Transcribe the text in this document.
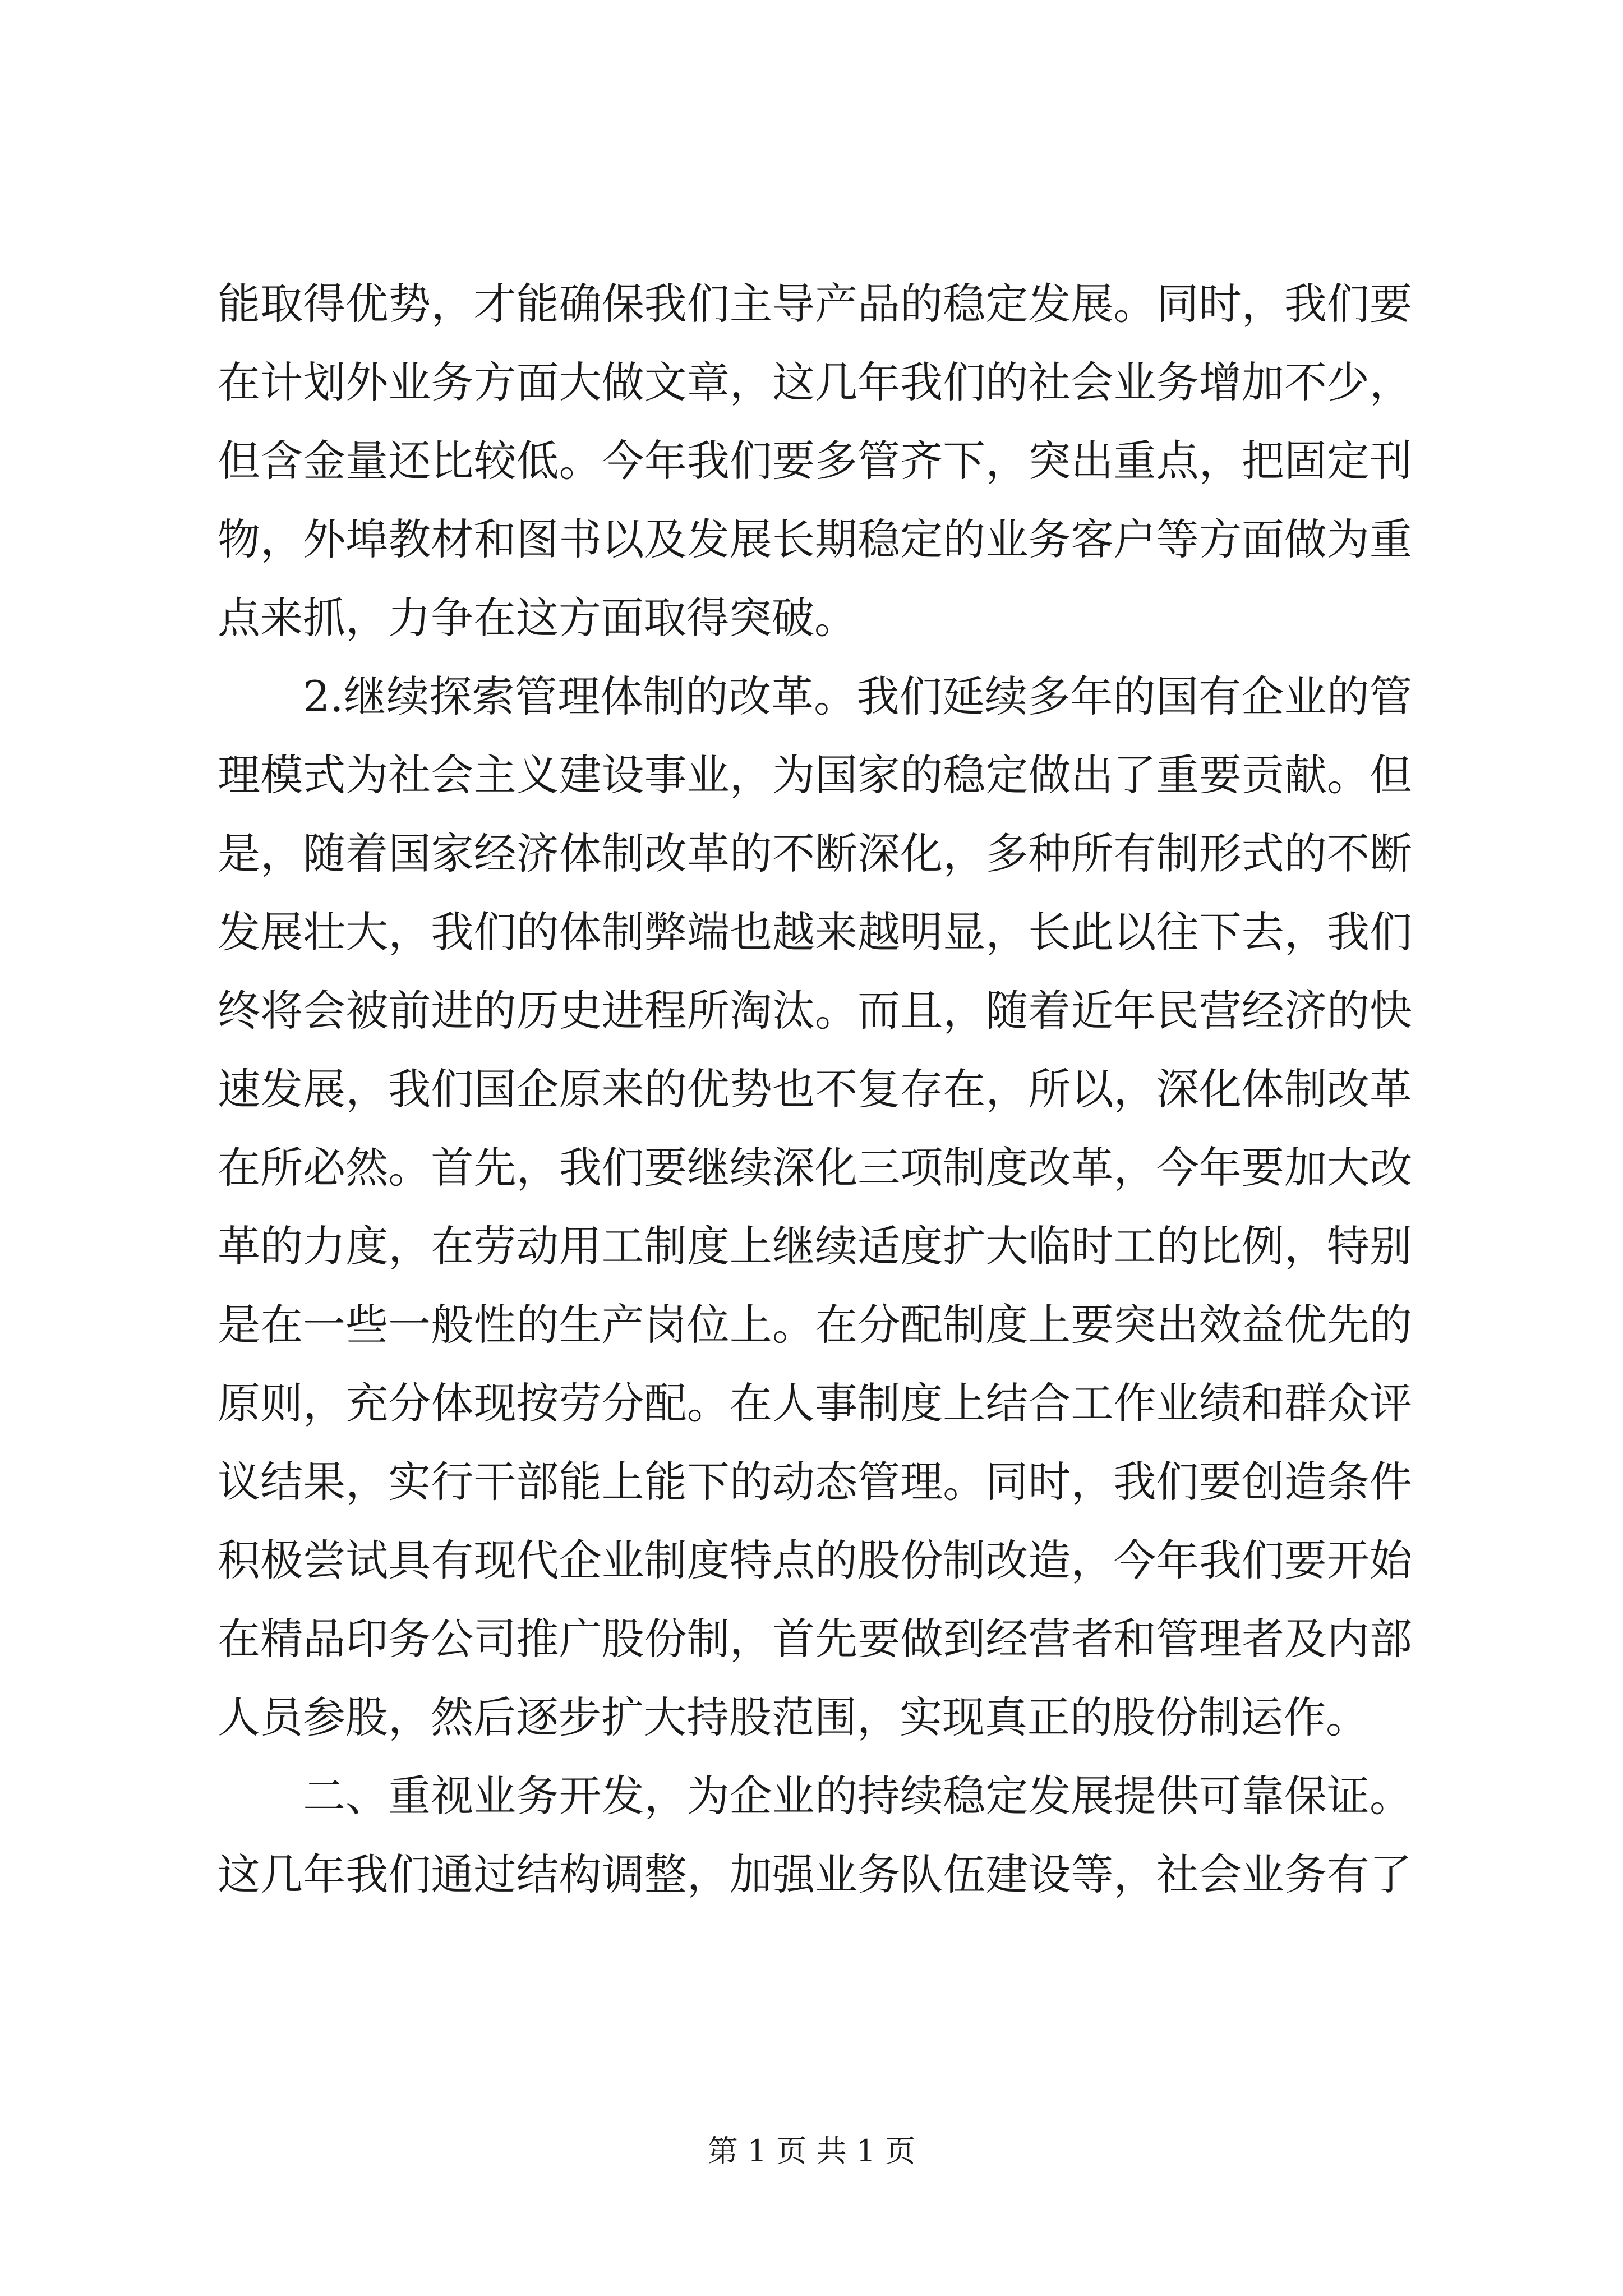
能取得优势，才能确保我们主导产品的稳定发展。同时，我们要
在计划外业务方面大做文章，这几年我们的社会业务增加不少，
但含金量还比较低。今年我们要多管齐下，突出重点，把固定刊
物，外埠教材和图书以及发展长期稳定的业务客户等方面做为重
点来抓，力争在这方面取得突破。
2.继续探索管理体制的改革。我们延续多年的国有企业的管
理模式为社会主义建设事业，为国家的稳定做出了重要贡献。但
是，随着国家经济体制改革的不断深化，多种所有制形式的不断
发展壮大，我们的体制弊端也越来越明显，长此以往下去，我们
终将会被前进的历史进程所淘汰。而且，随着近年民营经济的快
速发展，我们国企原来的优势也不复存在，所以，深化体制改革
在所必然。首先，我们要继续深化三项制度改革，今年要加大改
革的力度，在劳动用工制度上继续适度扩大临时工的比例，特别
是在一些一般性的生产岗位上。在分配制度上要突出效益优先的
原则，充分体现按劳分配。在人事制度上结合工作业绩和群众评
议结果，实行干部能上能下的动态管理。同时，我们要创造条件
积极尝试具有现代企业制度特点的股份制改造，今年我们要开始
在精品印务公司推广股份制，首先要做到经营者和管理者及内部
人员参股，然后逐步扩大持股范围，实现真正的股份制运作。
二、重视业务开发，为企业的持续稳定发展提供可靠保证。
这几年我们通过结构调整，加强业务队伍建设等，社会业务有了
第 1 页 共 1 页
